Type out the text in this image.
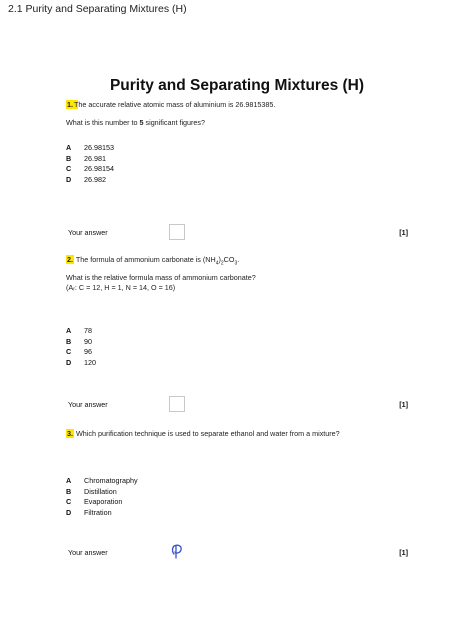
2.1 Purity and Separating Mixtures (H)
Purity and Separating Mixtures (H)
1.The accurate relative atomic mass of aluminium is 26.9815385.
What is this number to 5 significant figures?
A	26.98153
B	26.981
C	26.98154
D	26.982
Your answer	[1]
2. The formula of ammonium carbonate is $(NH_4)_2CO_3$.
What is the relative formula mass of ammonium carbonate?
(Aᵣ: C = 12, H = 1, N = 14, O = 16)
A	78
B	90
C	96
D	120
Your answer	[1]
3. Which purification technique is used to separate ethanol and water from a mixture?
A	Chromatography
B	Distillation
C	Evaporation
D	Filtration
Your answer	[1]
